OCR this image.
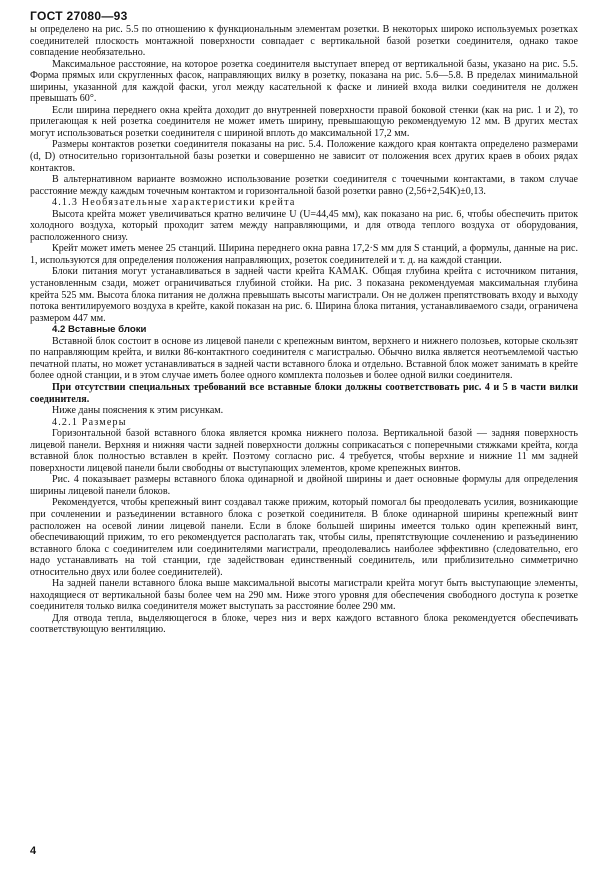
ГОСТ 27080—93

ы определено на рис. 5.5 по отношению к функциональным элементам розетки. В некоторых широко используемых розетках соединителей плоскость монтажной поверхности совпадает с вертикальной базой розетки соединителя, однако такое совпадение необязательно.

Максимальное расстояние, на которое розетка соединителя выступает вперед от вертикальной базы, указано на рис. 5.5. Форма прямых или скругленных фасок, направляющих вилку в розетку, показана на рис. 5.6—5.8. В пределах минимальной ширины, указанной для каждой фаски, угол между касательной к фаске и линией входа вилки соединителя не должен превышать 60°.

Если ширина переднего окна крейта доходит до внутренней поверхности правой боковой стенки (как на рис. 1 и 2), то прилегающая к ней розетка соединителя не может иметь ширину, превышающую рекомендуемую 12 мм. В других местах могут использоваться розетки соединителя с шириной вплоть до максимальной 17,2 мм.

Размеры контактов розетки соединителя показаны на рис. 5.4. Положение каждого края контакта определено размерами (d, D) относительно горизонтальной базы розетки и совершенно не зависит от положения всех других краев в обоих рядах контактов.

В альтернативном варианте возможно использование розетки соединителя с точечными контактами, в таком случае расстояние между каждым точечным контактом и горизонтальной базой розетки равно (2,56+2,54K)±0,13.

4.1.3 Необязательные характеристики крейта

Высота крейта может увеличиваться кратно величине U (U=44,45 мм), как показано на рис. 6, чтобы обеспечить приток холодного воздуха, который проходит затем между направляющими, и для отвода теплого воздуха от оборудования, расположенного снизу.

Крейт может иметь менее 25 станций. Ширина переднего окна равна 17,2·S мм для S станций, а формулы, данные на рис. 1, используются для определения положения направляющих, розеток соединителей и т. д. на каждой станции.

Блоки питания могут устанавливаться в задней части крейта КАМАК. Общая глубина крейта с источником питания, установленным сзади, может ограничиваться глубиной стойки. На рис. 3 показана рекомендуемая максимальная глубина крейта 525 мм. Высота блока питания не должна превышать высоты магистрали. Он не должен препятствовать входу и выходу потока вентилируемого воздуха в крейте, какой показан на рис. 6. Ширина блока питания, устанавливаемого сзади, ограничена размером 447 мм.

4.2 Вставные блоки

Вставной блок состоит в основе из лицевой панели с крепежным винтом, верхнего и нижнего полозьев, которые скользят по направляющим крейта, и вилки 86-контактного соединителя с магистралью. Обычно вилка является неотъемлемой частью печатной платы, но может устанавливаться в задней части вставного блока и отдельно. Вставной блок может занимать в крейте более одной станции, и в этом случае иметь более одного комплекта полозьев и более одной вилки соединителя.

При отсутствии специальных требований все вставные блоки должны соответствовать рис. 4 и 5 в части вилки соединителя.

Ниже даны пояснения к этим рисункам.

4.2.1 Размеры

Горизонтальной базой вставного блока является кромка нижнего полоза. Вертикальной базой — задняя поверхность лицевой панели. Верхняя и нижняя части задней поверхности должны соприкасаться с поперечными стяжками крейта, когда вставной блок полностью вставлен в крейт. Поэтому согласно рис. 4 требуется, чтобы верхние и нижние 11 мм задней поверхности лицевой панели были свободны от выступающих элементов, кроме крепежных винтов.

Рис. 4 показывает размеры вставного блока одинарной и двойной ширины и дает основные формулы для определения ширины лицевой панели блоков.

Рекомендуется, чтобы крепежный винт создавал также прижим, который помогал бы преодолевать усилия, возникающие при сочленении и разъединении вставного блока с розеткой соединителя. В блоке одинарной ширины крепежный винт расположен на осевой линии лицевой панели. Если в блоке большей ширины имеется только один крепежный винт, обеспечивающий прижим, то его рекомендуется располагать так, чтобы силы, препятствующие сочленению и разъединению вставного блока с соединителем или соединителями магистрали, преодолевались наиболее эффективно (следовательно, его надо устанавливать на той станции, где задействован единственный соединитель, или приблизительно симметрично относительно двух или более соединителей).

На задней панели вставного блока выше максимальной высоты магистрали крейта могут быть выступающие элементы, находящиеся от вертикальной базы более чем на 290 мм. Ниже этого уровня для обеспечения свободного доступа к розетке соединителя только вилка соединителя может выступать за расстояние более 290 мм.

Для отвода тепла, выделяющегося в блоке, через низ и верх каждого вставного блока рекомендуется обеспечивать соответствующую вентиляцию.

4
